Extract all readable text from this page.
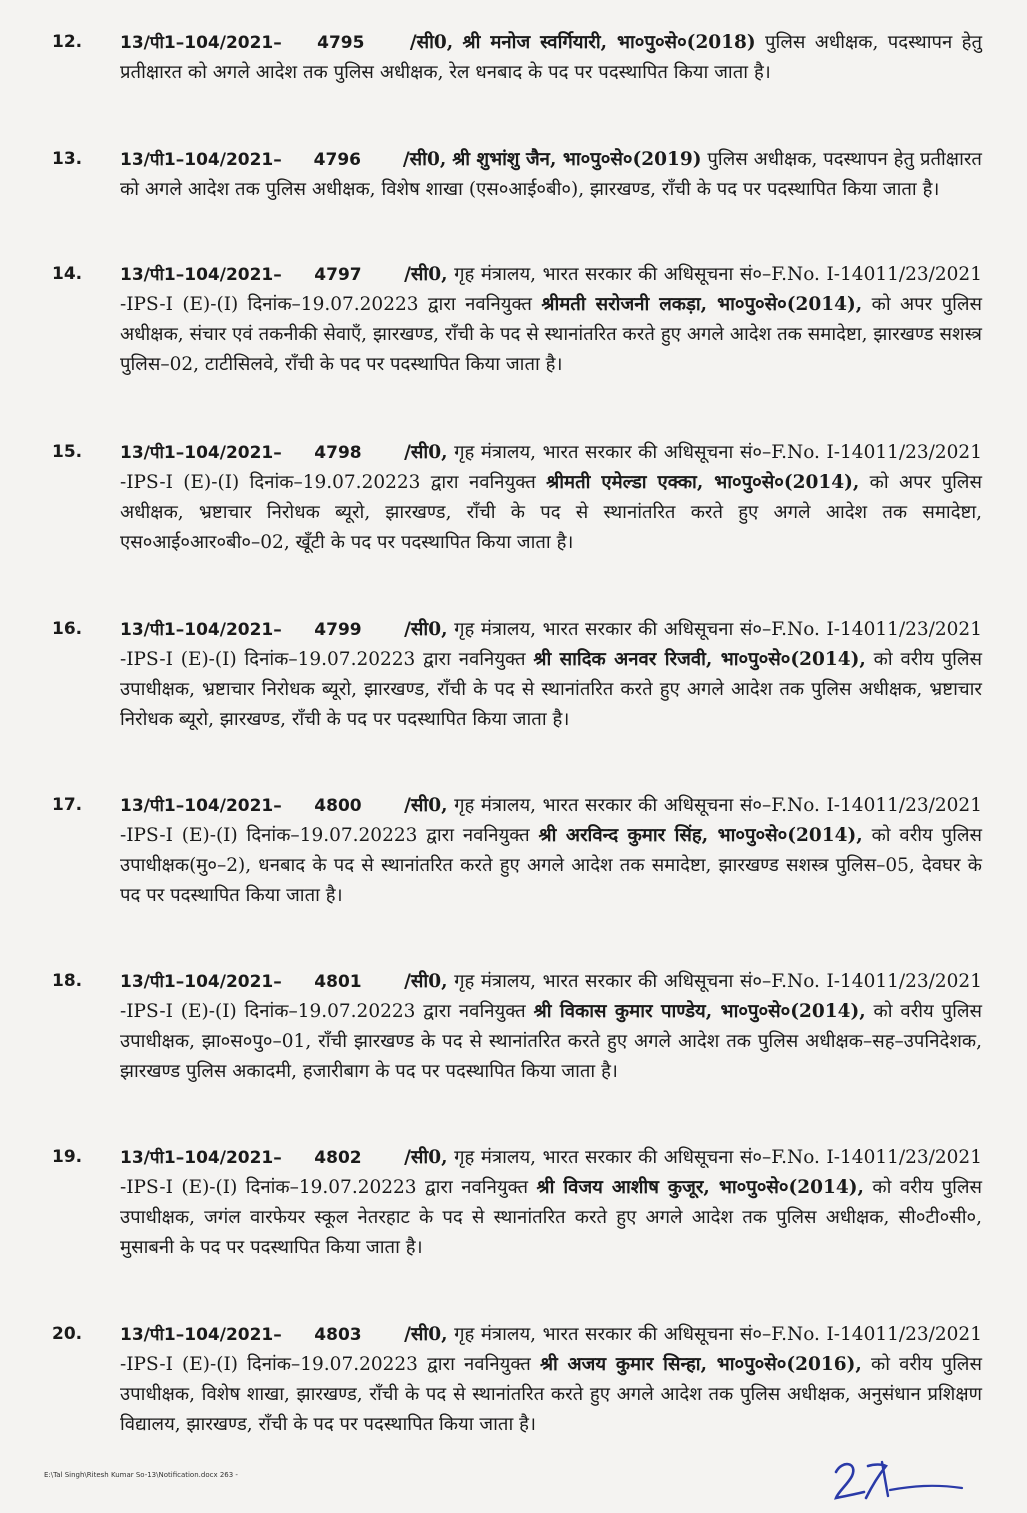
12.	13/पी1–104/2021– 4795 /सी0, श्री मनोज स्वर्गियारी, भा०पु०से०(2018) पुलिस अधीक्षक, पदस्थापन हेतु प्रतीक्षारत को अगले आदेश तक पुलिस अधीक्षक, रेल धनबाद के पद पर पदस्थापित किया जाता है।
13.	13/पी1–104/2021– 4796 /सी0, श्री शुभांशु जैन, भा०पु०से०(2019) पुलिस अधीक्षक, पदस्थापन हेतु प्रतीक्षारत को अगले आदेश तक पुलिस अधीक्षक, विशेष शाखा (एस०आई०बी०), झारखण्ड, राँची के पद पर पदस्थापित किया जाता है।
14.	13/पी1–104/2021– 4797 /सी0, गृह मंत्रालय, भारत सरकार की अधिसूचना सं०–F.No. I-14011/23/2021 -IPS-I (E)-(I) दिनांक–19.07.20223 द्वारा नवनियुक्त श्रीमती सरोजनी लकड़ा, भा०पु०से०(2014), को अपर पुलिस अधीक्षक, संचार एवं तकनीकी सेवाएँ, झारखण्ड, राँची के पद से स्थानांतरित करते हुए अगले आदेश तक समादेष्टा, झारखण्ड सशस्त्र पुलिस–02, टाटीसिलवे, राँची के पद पर पदस्थापित किया जाता है।
15.	13/पी1–104/2021– 4798 /सी0, गृह मंत्रालय, भारत सरकार की अधिसूचना सं०–F.No. I-14011/23/2021 -IPS-I (E)-(I) दिनांक–19.07.20223 द्वारा नवनियुक्त श्रीमती एमेल्डा एक्का, भा०पु०से०(2014), को अपर पुलिस अधीक्षक, भ्रष्टाचार निरोधक ब्यूरो, झारखण्ड, राँची के पद से स्थानांतरित करते हुए अगले आदेश तक समादेष्टा, एस०आई०आर०बी०–02, खूँटी के पद पर पदस्थापित किया जाता है।
16.	13/पी1–104/2021– 4799 /सी0, गृह मंत्रालय, भारत सरकार की अधिसूचना सं०–F.No. I-14011/23/2021 -IPS-I (E)-(I) दिनांक–19.07.20223 द्वारा नवनियुक्त श्री सादिक अनवर रिजवी, भा०पु०से०(2014), को वरीय पुलिस उपाधीक्षक, भ्रष्टाचार निरोधक ब्यूरो, झारखण्ड, राँची के पद से स्थानांतरित करते हुए अगले आदेश तक पुलिस अधीक्षक, भ्रष्टाचार निरोधक ब्यूरो, झारखण्ड, राँची के पद पर पदस्थापित किया जाता है।
17.	13/पी1–104/2021– 4800 /सी0, गृह मंत्रालय, भारत सरकार की अधिसूचना सं०–F.No. I-14011/23/2021 -IPS-I (E)-(I) दिनांक–19.07.20223 द्वारा नवनियुक्त श्री अरविन्द कुमार सिंह, भा०पु०से०(2014), को वरीय पुलिस उपाधीक्षक(मु०–2), धनबाद के पद से स्थानांतरित करते हुए अगले आदेश तक समादेष्टा, झारखण्ड सशस्त्र पुलिस–05, देवघर के पद पर पदस्थापित किया जाता है।
18.	13/पी1–104/2021– 4801 /सी0, गृह मंत्रालय, भारत सरकार की अधिसूचना सं०–F.No. I-14011/23/2021 -IPS-I (E)-(I) दिनांक–19.07.20223 द्वारा नवनियुक्त श्री विकास कुमार पाण्डेय, भा०पु०से०(2014), को वरीय पुलिस उपाधीक्षक, झा०स०पु०–01, राँची झारखण्ड के पद से स्थानांतरित करते हुए अगले आदेश तक पुलिस अधीक्षक–सह–उपनिदेशक, झारखण्ड पुलिस अकादमी, हजारीबाग के पद पर पदस्थापित किया जाता है।
19.	13/पी1–104/2021– 4802 /सी0, गृह मंत्रालय, भारत सरकार की अधिसूचना सं०–F.No. I-14011/23/2021 -IPS-I (E)-(I) दिनांक–19.07.20223 द्वारा नवनियुक्त श्री विजय आशीष कुजूर, भा०पु०से०(2014), को वरीय पुलिस उपाधीक्षक, जगंल वारफेयर स्कूल नेतरहाट के पद से स्थानांतरित करते हुए अगले आदेश तक पुलिस अधीक्षक, सी०टी०सी०, मुसाबनी के पद पर पदस्थापित किया जाता है।
20.	13/पी1–104/2021– 4803 /सी0, गृह मंत्रालय, भारत सरकार की अधिसूचना सं०–F.No. I-14011/23/2021 -IPS-I (E)-(I) दिनांक–19.07.20223 द्वारा नवनियुक्त श्री अजय कुमार सिन्हा, भा०पु०से०(2016), को वरीय पुलिस उपाधीक्षक, विशेष शाखा, झारखण्ड, राँची के पद से स्थानांतरित करते हुए अगले आदेश तक पुलिस अधीक्षक, अनुसंधान प्रशिक्षण विद्यालय, झारखण्ड, राँची के पद पर पदस्थापित किया जाता है।
E:\Tal Singh\Ritesh Kumar So-13\Notification.docx 263 -
